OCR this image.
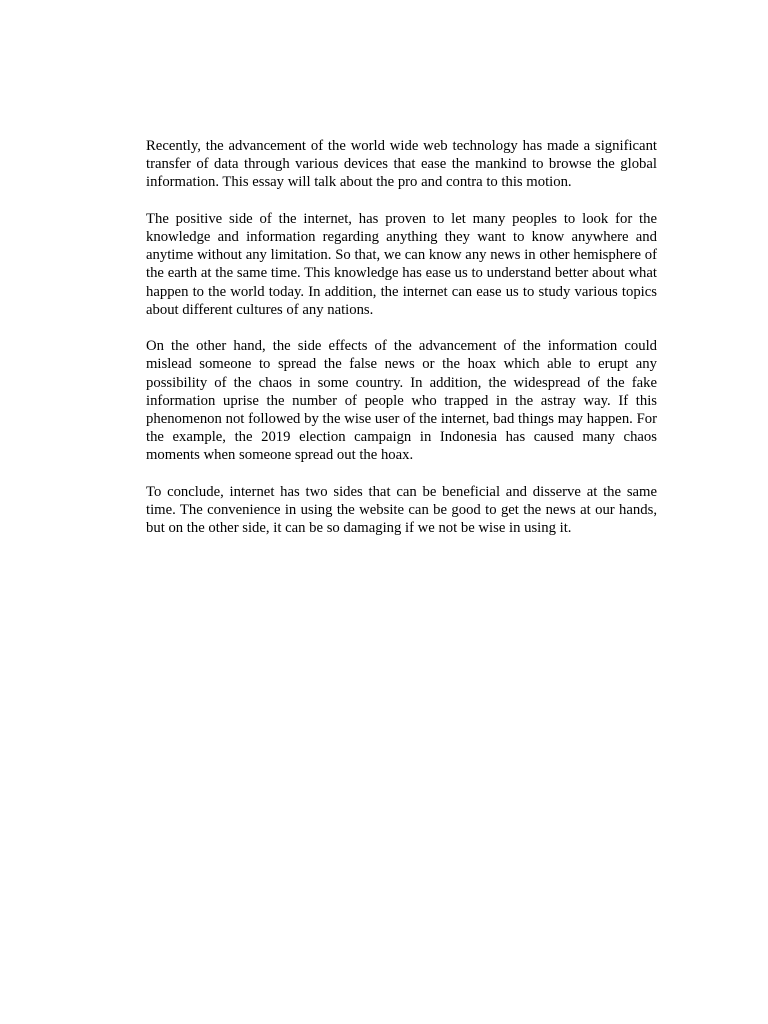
Recently, the advancement of the world wide web technology has made a significant transfer of data through various devices that ease the mankind to browse the global information. This essay will talk about the pro and contra to this motion.

The positive side of the internet, has proven to let many peoples to look for the knowledge and information regarding anything they want to know anywhere and anytime without any limitation. So that, we can know any news in other hemisphere of the earth at the same time. This knowledge has ease us to understand better about what happen to the world today. In addition, the internet can ease us to study various topics about different cultures of any nations.

On the other hand, the side effects of the advancement of the information could mislead someone to spread the false news or the hoax which able to erupt any possibility of the chaos in some country. In addition, the widespread of the fake information uprise the number of people who trapped in the astray way. If this phenomenon not followed by the wise user of the internet, bad things may happen. For the example, the 2019 election campaign in Indonesia has caused many chaos moments when someone spread out the hoax.

To conclude, internet has two sides that can be beneficial and disserve at the same time. The convenience in using the website can be good to get the news at our hands, but on the other side, it can be so damaging if we not be wise in using it.
